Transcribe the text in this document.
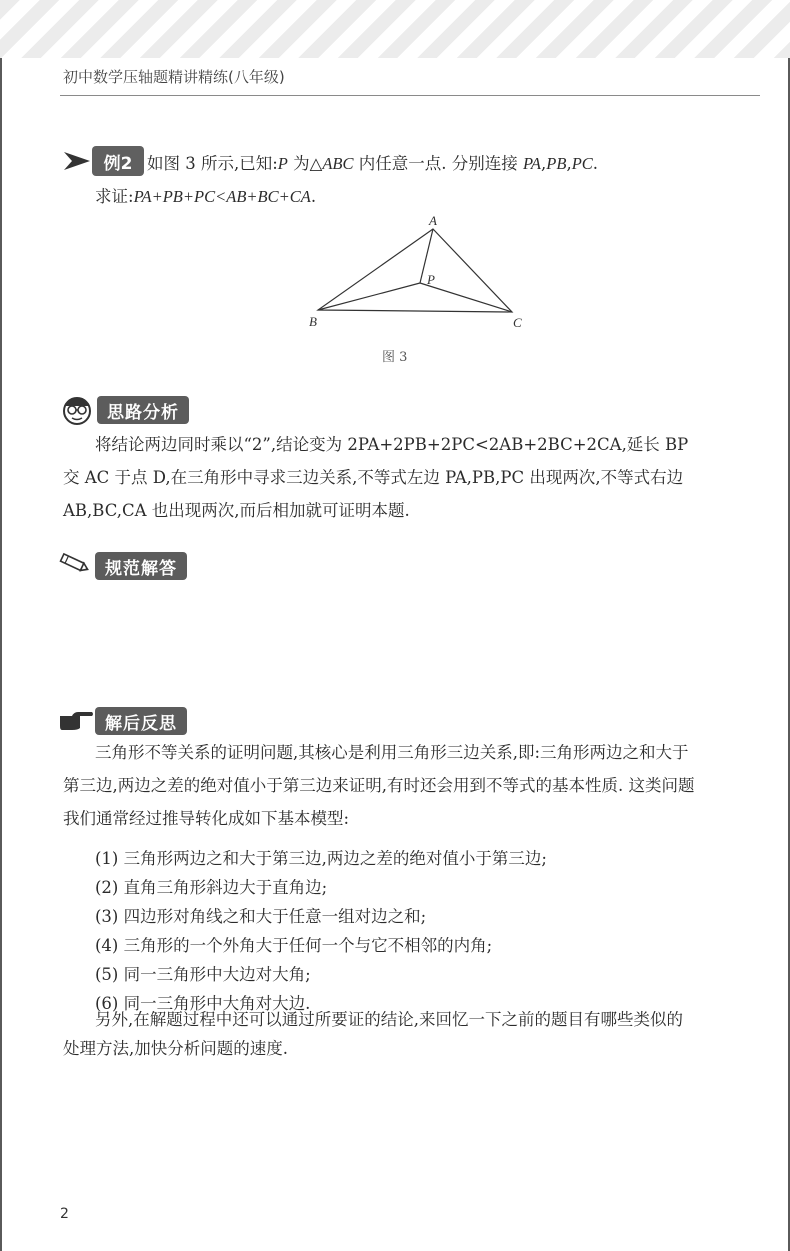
初中数学压轴题精讲精练(八年级)
例2 如图 3 所示,已知:P 为△ABC 内任意一点. 分别连接 PA,PB,PC.
求证:PA+PB+PC<AB+BC+CA.
A
B	C
P
图 3
思路分析
将结论两边同时乘以“2”,结论变为 2PA+2PB+2PC<2AB+2BC+2CA,延长 BP
交 AC 于点 D,在三角形中寻求三边关系,不等式左边 PA,PB,PC 出现两次,不等式右边
AB,BC,CA 也出现两次,而后相加就可证明本题.
规范解答
解后反思
三角形不等关系的证明问题,其核心是利用三角形三边关系,即:三角形两边之和大于
第三边,两边之差的绝对值小于第三边来证明,有时还会用到不等式的基本性质. 这类问题
我们通常经过推导转化成如下基本模型:
(1) 三角形两边之和大于第三边,两边之差的绝对值小于第三边;
(2) 直角三角形斜边大于直角边;
(3) 四边形对角线之和大于任意一组对边之和;
(4) 三角形的一个外角大于任何一个与它不相邻的内角;
(5) 同一三角形中大边对大角;
(6) 同一三角形中大角对大边.
另外,在解题过程中还可以通过所要证的结论,来回忆一下之前的题目有哪些类似的
处理方法,加快分析问题的速度.
2
